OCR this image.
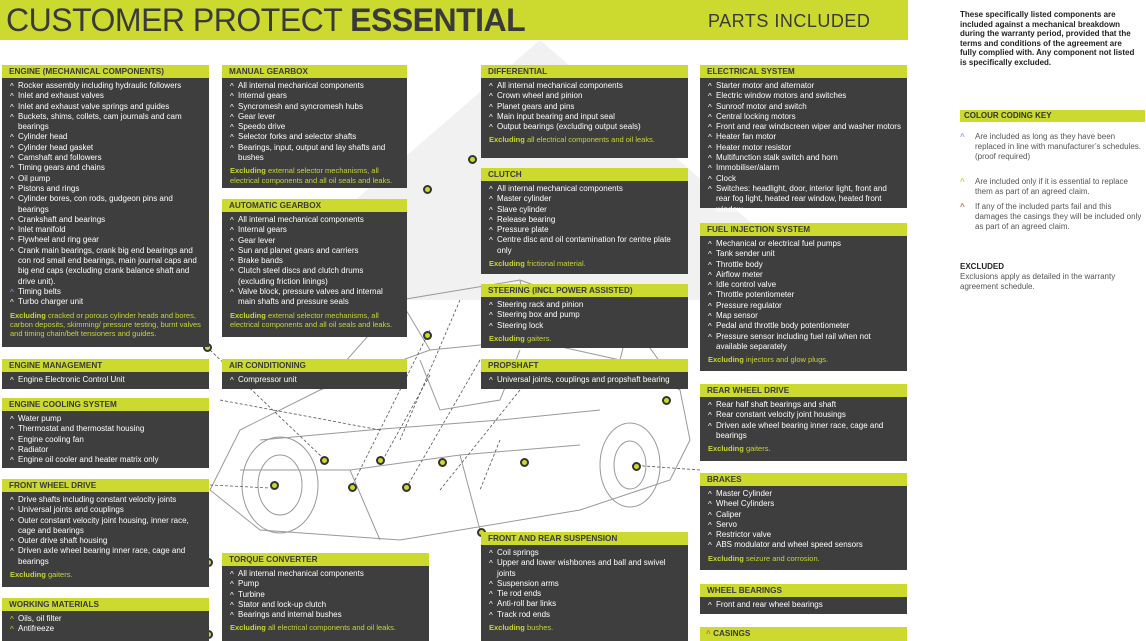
CUSTOMER PROTECT ESSENTIAL	PARTS INCLUDED
ENGINE (MECHANICAL COMPONENTS)
^ Rocker assembly including hydraulic followers
^ Inlet and exhaust valves
^ Inlet and exhaust valve springs and guides
^ Buckets, shims, collets, cam journals and cam bearings
^ Cylinder head
^ Cylinder head gasket
^ Camshaft and followers
^ Timing gears and chains
^ Oil pump
^ Pistons and rings
^ Cylinder bores, con rods, gudgeon pins and bearings
^ Crankshaft and bearings
^ Inlet manifold
^ Flywheel and ring gear
^ Crank main bearings, crank big end bearings and con rod small end bearings, main journal caps and big end caps (excluding crank balance shaft and drive unit).
^ Timing belts
^ Turbo charger unit
Excluding cracked or porous cylinder heads and bores, carbon deposits, skimming/ pressure testing, burnt valves and timing chain/belt tensioners and guides.
MANUAL GEARBOX
^ All internal mechanical components
^ Internal gears
^ Syncromesh and syncromesh hubs
^ Gear lever
^ Speedo drive
^ Selector forks and selector shafts
^ Bearings, input, output and lay shafts and bushes
Excluding external selector mechanisms, all electrical components and all oil seals and leaks.
AUTOMATIC GEARBOX
^ All internal mechanical components
^ Internal gears
^ Gear lever
^ Sun and planet gears and carriers
^ Brake bands
^ Clutch steel discs and clutch drums (excluding friction linings)
^ Valve block, pressure valves and internal main shafts and pressure seals
Excluding external selector mechanisms, all electrical components and all oil seals and leaks.
DIFFERENTIAL
^ All internal mechanical components
^ Crown wheel and pinion
^ Planet gears and pins
^ Main input bearing and input seal
^ Output bearings (excluding output seals)
Excluding all electrical components and oil leaks.
CLUTCH
^ All internal mechanical components
^ Master cylinder
^ Slave cylinder
^ Release bearing
^ Pressure plate
^ Centre disc and oil contamination for centre plate only
Excluding frictional material.
STEERING (INCL POWER ASSISTED)
^ Steering rack and pinion
^ Steering box and pump
^ Steering lock
Excluding gaiters.
PROPSHAFT
^ Universal joints, couplings and propshaft bearing
ELECTRICAL SYSTEM
^ Starter motor and alternator
^ Electric window motors and switches
^ Sunroof motor and switch
^ Central locking motors
^ Front and rear windscreen wiper and washer motors
^ Heater fan motor
^ Heater motor resistor
^ Multifunction stalk switch and horn
^ Immobiliser/alarm
^ Clock
^ Switches: headlight, door, interior light, front and rear fog light, heated rear window, heated front window
FUEL INJECTION SYSTEM
^ Mechanical or electrical fuel pumps
^ Tank sender unit
^ Throttle body
^ Airflow meter
^ Idle control valve
^ Throttle potentiometer
^ Pressure regulator
^ Map sensor
^ Pedal and throttle body potentiometer
^ Pressure sensor including fuel rail when not available separately
Excluding injectors and glow plugs.
ENGINE MANAGEMENT
^ Engine Electronic Control Unit
AIR CONDITIONING
^ Compressor unit
ENGINE COOLING SYSTEM
^ Water pump
^ Thermostat and thermostat housing
^ Engine cooling fan
^ Radiator
^ Engine oil cooler and heater matrix only
FRONT WHEEL DRIVE
^ Drive shafts including constant velocity joints
^ Universal joints and couplings
^ Outer constant velocity joint housing, inner race, cage and bearings
^ Outer drive shaft housing
^ Driven axle wheel bearing inner race, cage and bearings
Excluding gaiters.
WORKING MATERIALS
^ Oils, oil filter
^ Antifreeze
TORQUE CONVERTER
^ All internal mechanical components
^ Pump
^ Turbine
^ Stator and lock-up clutch
^ Bearings and internal bushes
Excluding all electrical components and oil leaks.
FRONT AND REAR SUSPENSION
^ Coil springs
^ Upper and lower wishbones and ball and swivel joints
^ Suspension arms
^ Tie rod ends
^ Anti-roll bar links
^ Track rod ends
Excluding bushes.
REAR WHEEL DRIVE
^ Rear half shaft bearings and shaft
^ Rear constant velocity joint housings
^ Driven axle wheel bearing inner race, cage and bearings
Excluding gaiters.
BRAKES
^ Master Cylinder
^ Wheel Cylinders
^ Caliper
^ Servo
^ Restrictor valve
^ ABS modulator and wheel speed sensors
Excluding seizure and corrosion.
WHEEL BEARINGS
^ Front and rear wheel bearings
^ CASINGS
These specifically listed components are included against a mechanical breakdown during the warranty period, provided that the terms and conditions of the agreement are fully complied with. Any component not listed is specifically excluded.
COLOUR CODING KEY
^ Are included as long as they have been replaced in line with manufacturer’s schedules. (proof required)
^ Are included only if it is essential to replace them as part of an agreed claim.
^ If any of the included parts fail and this damages the casings they will be included only as part of an agreed claim.
EXCLUDED
Exclusions apply as detailed in the warranty agreement schedule.
